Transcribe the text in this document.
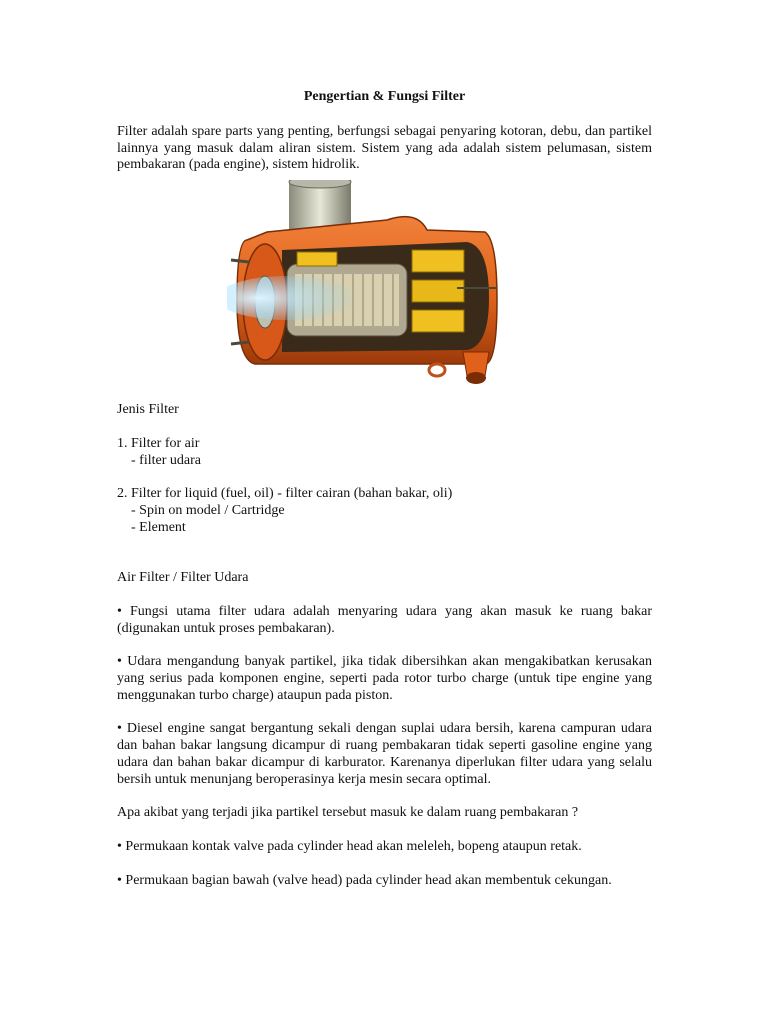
Pengertian & Fungsi Filter

Filter adalah spare parts yang penting, berfungsi sebagai penyaring kotoran, debu, dan partikel lainnya yang masuk dalam aliran sistem. Sistem yang ada adalah sistem pelumasan, sistem pembakaran (pada engine), sistem hidrolik.

Jenis Filter

1. Filter for air

- filter udara

2. Filter for liquid (fuel, oil) - filter cairan (bahan bakar, oli)

- Spin on model / Cartridge

- Element

Air Filter / Filter Udara

• Fungsi utama filter udara adalah menyaring udara yang akan masuk ke ruang bakar (digunakan untuk proses pembakaran).

• Udara mengandung banyak partikel, jika tidak dibersihkan akan mengakibatkan kerusakan yang serius pada komponen engine, seperti pada rotor turbo charge (untuk tipe engine yang menggunakan turbo charge) ataupun pada piston.

• Diesel engine sangat bergantung sekali dengan suplai udara bersih, karena campuran udara dan bahan bakar langsung dicampur di ruang pembakaran tidak seperti gasoline engine yang udara dan bahan bakar dicampur di karburator. Karenanya diperlukan filter udara yang selalu bersih untuk menunjang beroperasinya kerja mesin secara optimal.

Apa akibat yang terjadi jika partikel tersebut masuk ke dalam ruang pembakaran ?

• Permukaan kontak valve pada cylinder head akan meleleh, bopeng ataupun retak.

• Permukaan bagian bawah (valve head) pada cylinder head akan membentuk cekungan.
